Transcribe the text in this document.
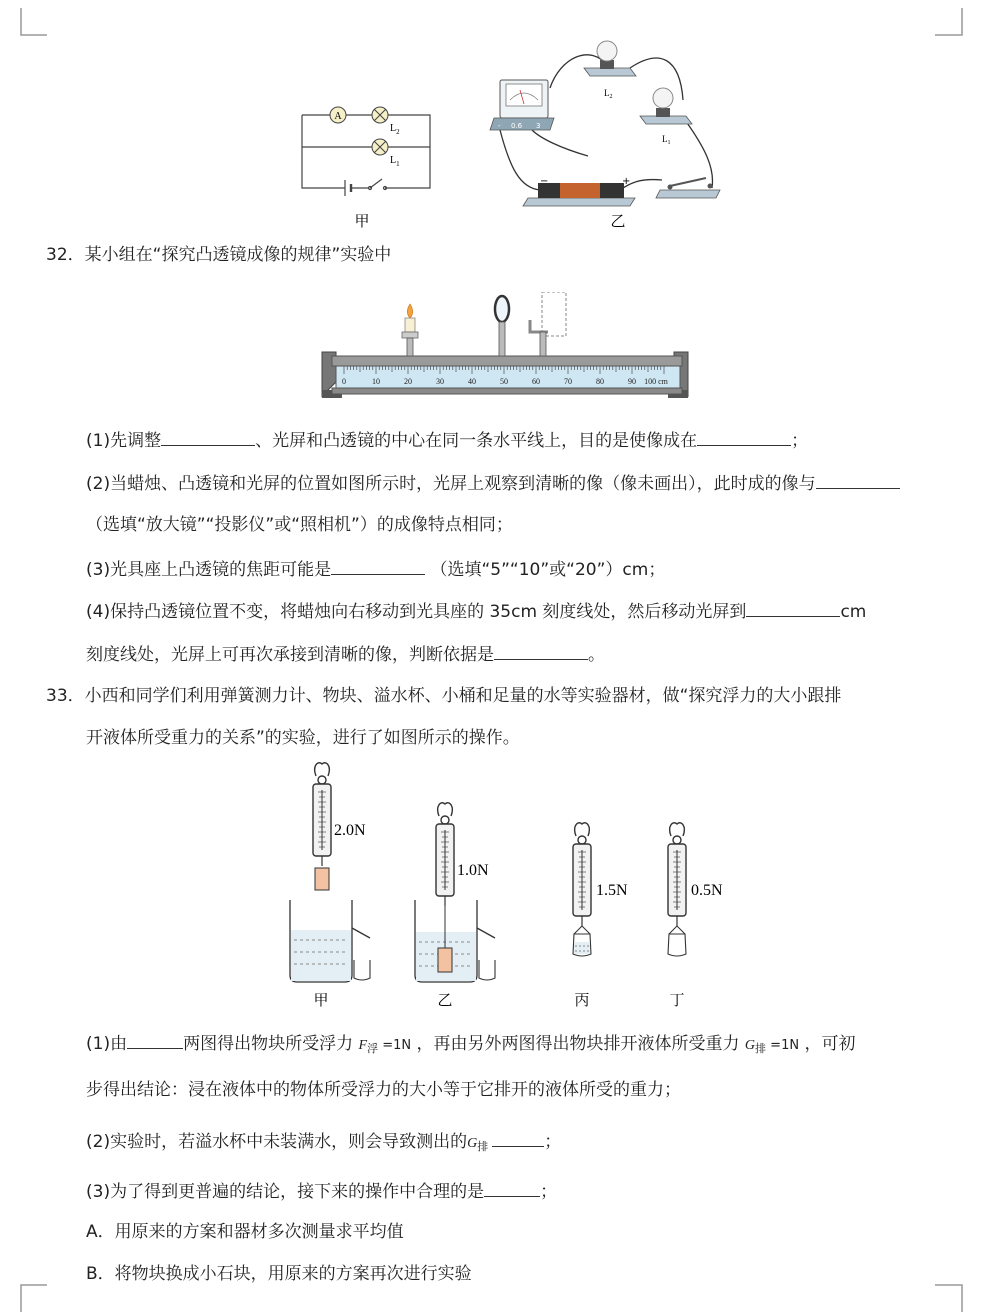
A
$L_2$
$L_1$
甲
- 0.6 3
$L_2$
$L_1$
−	+
乙
32．某小组在“探究凸透镜成像的规律”实验中
0	10	20	30	40	50	60	70	80	90 100 cm
(1)先调整	、光屏和凸透镜的中心在同一条水平线上，目的是使像成在	；
(2)当蜡烛、凸透镜和光屏的位置如图所示时，光屏上观察到清晰的像（像未画出），此时成的像与
（选填“放大镜”“投影仪”或“照相机”）的成像特点相同；
(3)光具座上凸透镜的焦距可能是	（选填“5”“10”或“20”）cm；
(4)保持凸透镜位置不变，将蜡烛向右移动到光具座的 35cm 刻度线处，然后移动光屏到	cm
刻度线处，光屏上可再次承接到清晰的像，判断依据是	。
33．小西和同学们利用弹簧测力计、物块、溢水杯、小桶和足量的水等实验器材，做“探究浮力的大小跟排
开液体所受重力的关系”的实验，进行了如图所示的操作。
2.0N
甲
1.0N
乙
1.5N
丙
0.5N
丁
(1)由	两图得出物块所受浮力 $F_浮 =1N$ ，再由另外两图得出物块排开液体所受重力 $G_排 =1N$ ，可初
步得出结论：浸在液体中的物体所受浮力的大小等于它排开的液体所受的重力；
(2)实验时，若溢水杯中未装满水，则会导致测出的$G_排$	；
(3)为了得到更普遍的结论，接下来的操作中合理的是	；
A．用原来的方案和器材多次测量求平均值
B．将物块换成小石块，用原来的方案再次进行实验
